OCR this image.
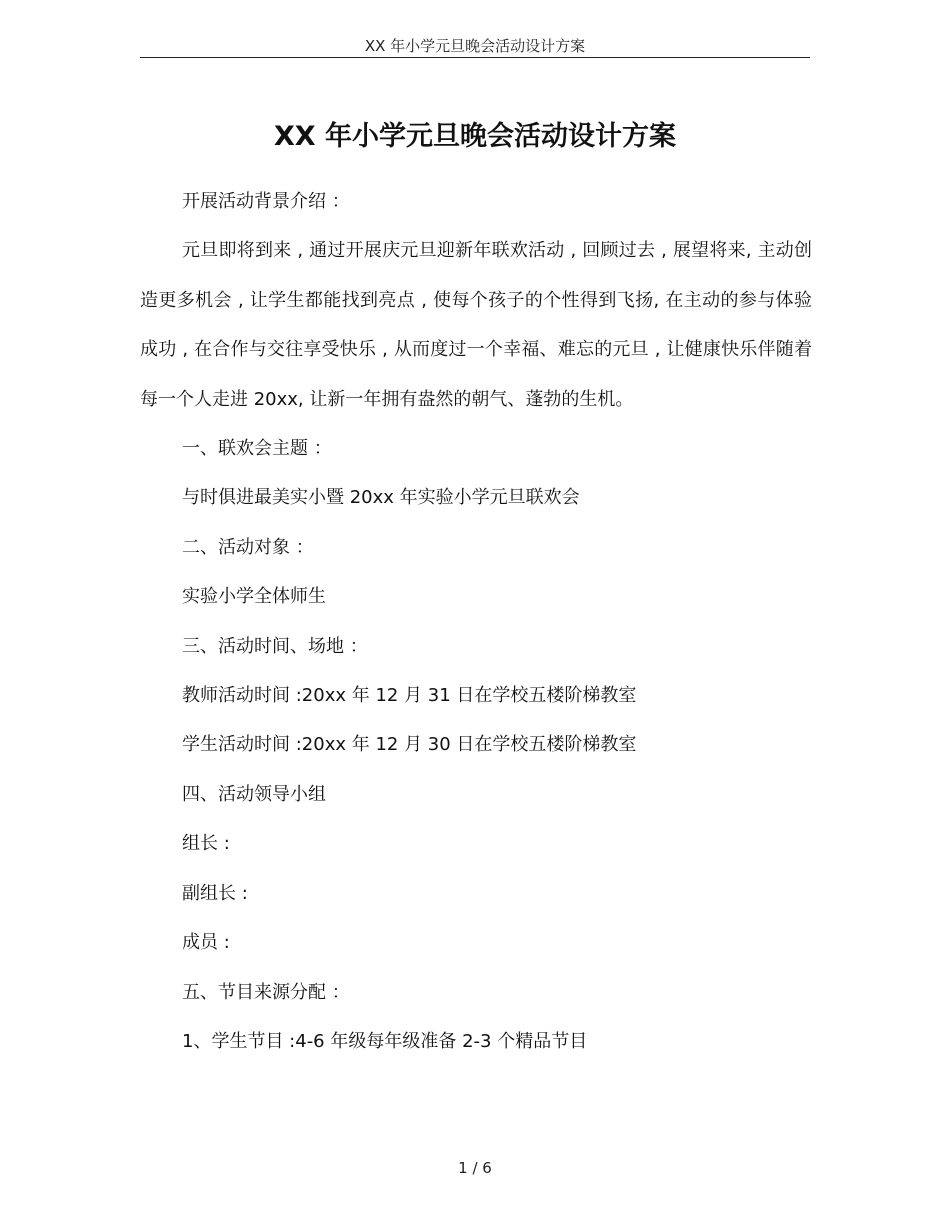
XX 年小学元旦晚会活动设计方案
XX 年小学元旦晚会活动设计方案

开展活动背景介绍 ：

元旦即将到来 , 通过开展庆元旦迎新年联欢活动 , 回顾过去 , 展望将来, 主动创造更多机会 , 让学生都能找到亮点 , 使每个孩子的个性得到飞扬, 在主动的参与体验成功 , 在合作与交往享受快乐 , 从而度过一个幸福、难忘的元旦 , 让健康快乐伴随着每一个人走进 20xx, 让新一年拥有盎然的朝气、蓬勃的生机。

一、联欢会主题 ：

与时俱进最美实小暨 20xx 年实验小学元旦联欢会

二、活动对象 ：

实验小学全体师生

三、活动时间、场地 ：

教师活动时间 :20xx 年 12 月 31 日在学校五楼阶梯教室

学生活动时间 :20xx 年 12 月 30 日在学校五楼阶梯教室

四、活动领导小组

组长 :

副组长 :

成员 :

五、节目来源分配 ：

1、学生节目 :4-6 年级每年级准备 2-3 个精品节目

1 / 6
